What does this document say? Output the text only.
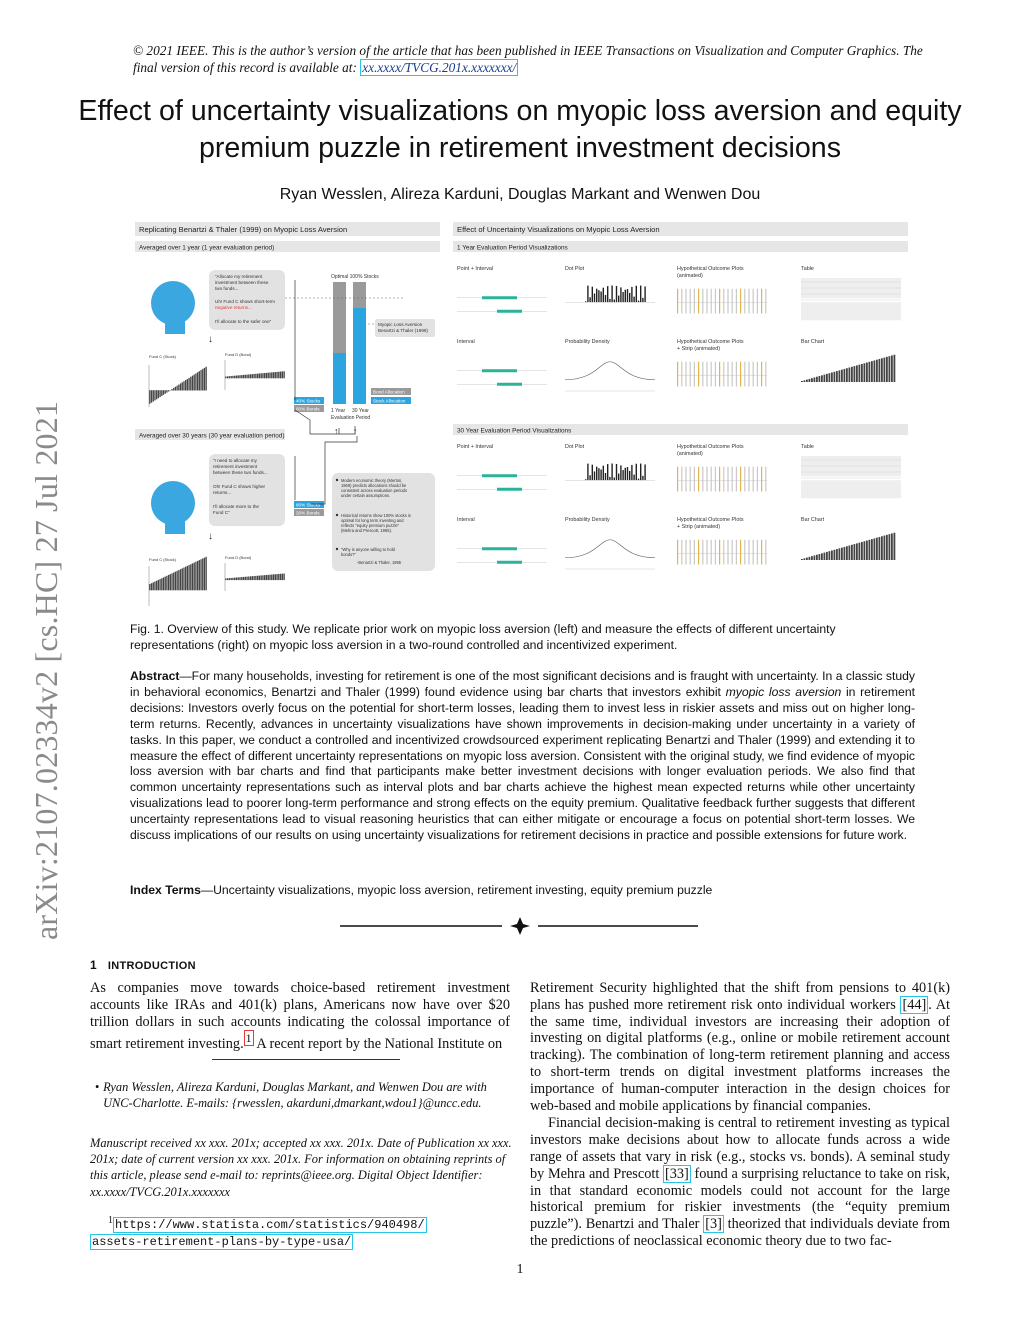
© 2021 IEEE. This is the author’s version of the article that has been published in IEEE Transactions on Visualization and Computer Graphics. The final version of this record is available at: xx.xxxx/TVCG.201x.xxxxxxx/
Effect of uncertainty visualizations on myopic loss aversion and equity premium puzzle in retirement investment decisions
Ryan Wesslen, Alireza Karduni, Douglas Markant and Wenwen Dou
arXiv:2107.02334v2 [cs.HC] 27 Jul 2021
Replicating Benartzi & Thaler (1999) on Myopic Loss Aversion
Averaged over 1 year (1 year evaluation period)
“Allocate my retirement
investment between these
two funds...
Uh! Fund C shows short-term
negative returns...
I’ll allocate to the safer one”
↓
Fund C (Stock)	Fund D (Bond)
Optimal 100% Stocks
Myopic Loss Aversion
Benartzi & Thaler (1999)
1 Year 30 Year
Evaluation Period
Bond Allocation
Stock Allocation
40% Stocks
60% Bonds
↑ ↑
Averaged over 30 years (30 year evaluation period)
“I need to allocate my
retirement investment
between these two funds...
Oh! Fund C shows higher
returns...
I’ll allocate more to the
Fund C”
↓
Fund C (Stock)	Fund D (Bond)
80% Stocks
20% Bonds
Modern economic theory (Merton, 1969) predicts allocations should be consistent across evaluation periods under certain assumptions.
Historical returns show 100% stocks is optimal for long term investing and reflects “equity premium puzzle” (Mehra and Prescott, 1985).
“Why is anyone willing to hold bonds?”
-Benartzi & Thaler, 1995
Effect of Uncertainty Visualizations on Myopic Loss Aversion
1 Year Evaluation Period Visualizations
Point + Interval	Dot Plot	Hypothetical Outcome Plots
(animated)
Table
Interval	Probability Density	Hypothetical Outcome Plots
+ Strip (animated)
Bar Chart
30 Year Evaluation Period Visualizations
Point + Interval	Dot Plot	Hypothetical Outcome Plots
(animated)
Table
Interval	Probability Density	Hypothetical Outcome Plots
+ Strip (animated)
Bar Chart
Fig. 1. Overview of this study. We replicate prior work on myopic loss aversion (left) and measure the effects of different uncertainty representations (right) on myopic loss aversion in a two-round controlled and incentivized experiment.
Abstract—For many households, investing for retirement is one of the most significant decisions and is fraught with uncertainty. In a classic study in behavioral economics, Benartzi and Thaler (1999) found evidence using bar charts that investors exhibit myopic loss aversion in retirement decisions: Investors overly focus on the potential for short-term losses, leading them to invest less in riskier assets and miss out on higher long-term returns. Recently, advances in uncertainty visualizations have shown improvements in decision-making under uncertainty in a variety of tasks. In this paper, we conduct a controlled and incentivized crowdsourced experiment replicating Benartzi and Thaler (1999) and extending it to measure the effect of different uncertainty representations on myopic loss aversion. Consistent with the original study, we find evidence of myopic loss aversion with bar charts and find that participants make better investment decisions with longer evaluation periods. We also find that common uncertainty representations such as interval plots and bar charts achieve the highest mean expected returns while other uncertainty visualizations lead to poorer long-term performance and strong effects on the equity premium. Qualitative feedback further suggests that different uncertainty representations lead to visual reasoning heuristics that can either mitigate or encourage a focus on potential short-term losses. We discuss implications of our results on using uncertainty visualizations for retirement decisions in practice and possible extensions for future work.
Index Terms—Uncertainty visualizations, myopic loss aversion, retirement investing, equity premium puzzle
1 INTRODUCTION
As companies move towards choice-based retirement investment accounts like IRAs and 401(k) plans, Americans now have over $20 trillion dollars in such accounts indicating the colossal importance of smart retirement investing. $^1$ A recent report by the National Institute on
• Ryan Wesslen, Alireza Karduni, Douglas Markant, and Wenwen Dou are with UNC-Charlotte. E-mails: {rwesslen, akarduni,dmarkant,wdou1}@uncc.edu.
Manuscript received xx xxx. 201x; accepted xx xxx. 201x. Date of Publication xx xxx. 201x; date of current version xx xxx. 201x. For information on obtaining reprints of this article, please send e-mail to: reprints@ieee.org. Digital Object Identifier: xx.xxxx/TVCG.201x.xxxxxxx
$^1$ https://www.statista.com/statistics/940498/
assets-retirement-plans-by-type-usa/

Retirement Security highlighted that the shift from pensions to 401(k) plans has pushed more retirement risk onto individual workers [44] . At the same time, individual investors are increasing their adoption of investing on digital platforms (e.g., online or mobile retirement account tracking). The combination of long-term retirement planning and access to short-term trends on digital investment platforms increases the importance of human-computer interaction in the design choices for web-based and mobile applications by financial companies.

Financial decision-making is central to retirement investing as typical investors make decisions about how to allocate funds across a wide range of assets that vary in risk (e.g., stocks vs. bonds). A seminal study by Mehra and Prescott [33] found a surprising reluctance to take on risk, in that standard economic models could not account for the large historical premium for riskier investments (the “equity premium puzzle”). Benartzi and Thaler [3] theorized that individuals deviate from the predictions of neoclassical economic theory due to two fac-

1
